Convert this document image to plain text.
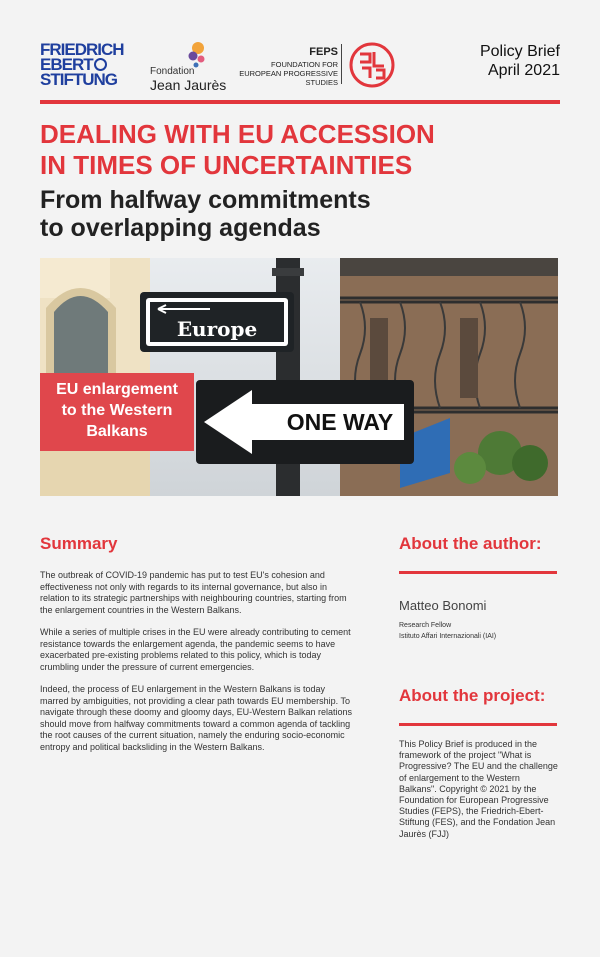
FRIEDRICH
EBERT
STIFTUNG	Fondation
Jean Jaurès
FEPS
FOUNDATION FOR EUROPEAN PROGRESSIVE STUDIES
Policy Brief
April 2021
DEALING WITH EU ACCESSION
IN TIMES OF UNCERTAINTIES
From halfway commitments
to overlapping agendas
Europe
ONE WAY
EU enlargement
to the Western
Balkans
Summary

The outbreak of COVID-19 pandemic has put to test EU's cohesion and effectiveness not only with regards to its internal governance, but also in relation to its strategic partnerships with neighbouring countries, starting from the enlargement countries in the Western Balkans.

While a series of multiple crises in the EU were already contributing to cement resistance towards the enlargement agenda, the pandemic seems to have exacerbated pre-existing problems related to this policy, which is today crumbling under the pressure of current emergencies.

Indeed, the process of EU enlargement in the Western Balkans is today marred by ambiguities, not providing a clear path towards EU membership. To navigate through these doomy and gloomy days, EU-Western Balkan relations should move from halfway commitments toward a common agenda of tackling the root causes of the current situation, namely the enduring socio-economic entropy and political backsliding in the Western Balkans.

About the author:
Matteo Bonomi
Research Fellow
Istituto Affari Internazionali (IAI)
About the project:
This Policy Brief is produced in the framework of the project "What is Progressive? The EU and the challenge of enlargement to the Western Balkans". Copyright © 2021 by the Foundation for European Progressive Studies (FEPS), the Friedrich-Ebert-Stiftung (FES), and the Fondation Jean Jaurès (FJJ)
